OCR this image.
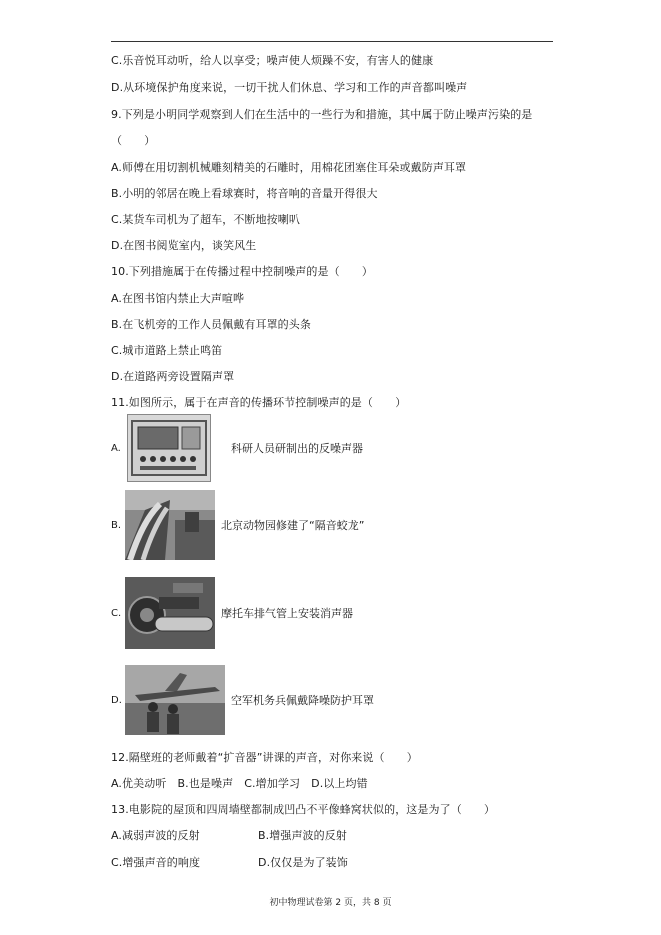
C.乐音悦耳动听，给人以享受；噪声使人烦躁不安，有害人的健康
D.从环境保护角度来说，一切干扰人们休息、学习和工作的声音都叫噪声
9.下列是小明同学观察到人们在生活中的一些行为和措施，其中属于防止噪声污染的是
（　　）
A.师傅在用切割机械雕刻精美的石雕时，用棉花团塞住耳朵或戴防声耳罩
B.小明的邻居在晚上看球赛时，将音响的音量开得很大
C.某货车司机为了超车，不断地按喇叭
D.在图书阅览室内，谈笑风生
10.下列措施属于在传播过程中控制噪声的是（　　）
A.在图书馆内禁止大声喧哗
B.在飞机旁的工作人员佩戴有耳罩的头条
C.城市道路上禁止鸣笛
D.在道路两旁设置隔声罩
11.如图所示，属于在声音的传播环节控制噪声的是（　　）
A.	科研人员研制出的反噪声器
B.	北京动物园修建了“隔音蛟龙”
C.	摩托车排气管上安装消声器
D.	空军机务兵佩戴降噪防护耳罩
12.隔壁班的老师戴着“扩音器”讲课的声音，对你来说（　　）
A.优美动听　B.也是噪声　C.增加学习　D.以上均错
13.电影院的屋顶和四周墙壁都制成凹凸不平像蜂窝状似的，这是为了（　　）
A.减弱声波的反射	B.增强声波的反射
C.增强声音的响度	D.仅仅是为了装饰
初中物理试卷第 2 页，共 8 页
